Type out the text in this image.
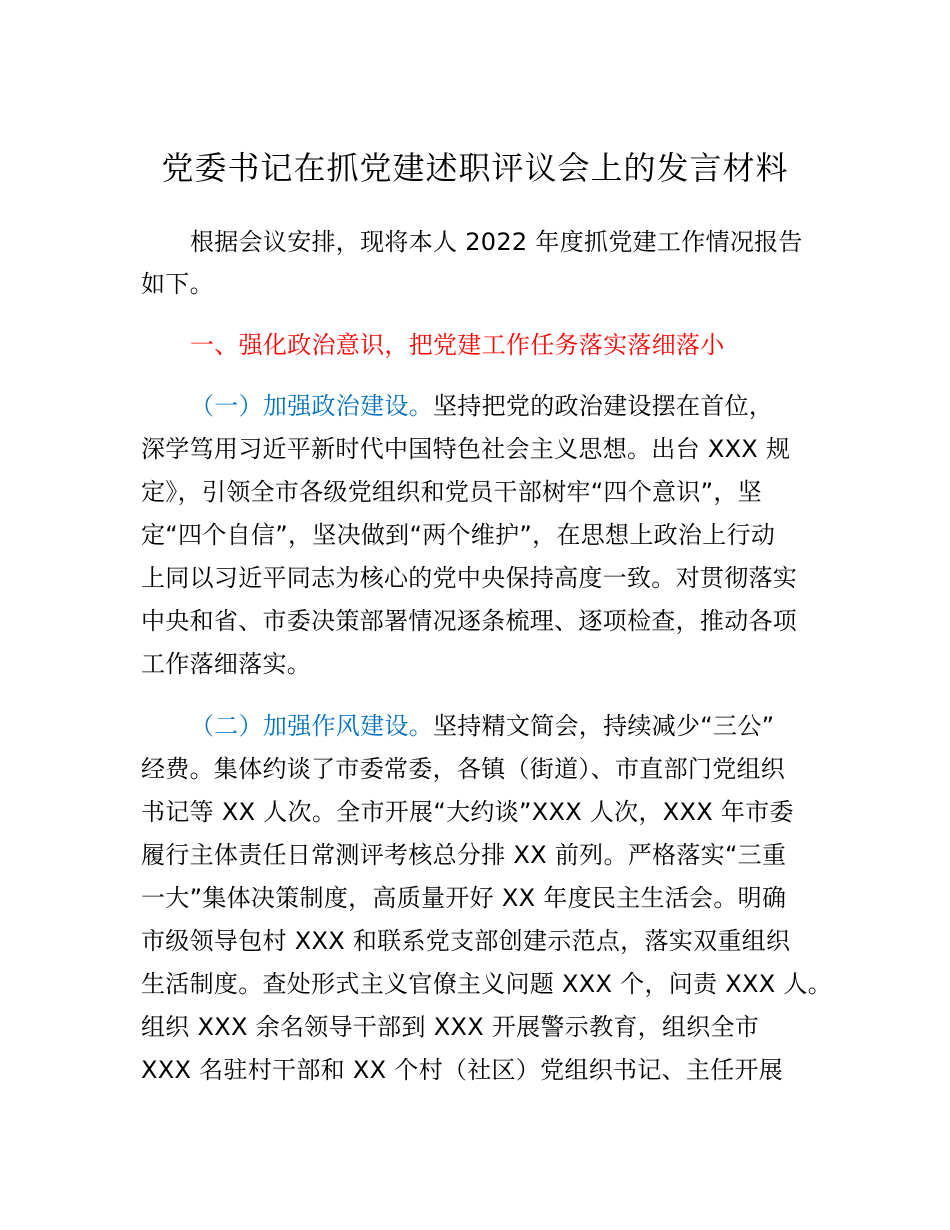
党委书记在抓党建述职评议会上的发言材料
根据会议安排，现将本人 2022 年度抓党建工作情况报告
如下。
一、强化政治意识，把党建工作任务落实落细落小
（一）加强政治建设。坚持把党的政治建设摆在首位，
深学笃用习近平新时代中国特色社会主义思想。出台 XXX 规
定》，引领全市各级党组织和党员干部树牢“四个意识”，坚
定“四个自信”，坚决做到“两个维护”，在思想上政治上行动
上同以习近平同志为核心的党中央保持高度一致。对贯彻落实
中央和省、市委决策部署情况逐条梳理、逐项检查，推动各项
工作落细落实。
（二）加强作风建设。坚持精文简会，持续减少“三公”
经费。集体约谈了市委常委，各镇（街道）、市直部门党组织
书记等 XX 人次。全市开展“大约谈”XXX 人次，XXX 年市委
履行主体责任日常测评考核总分排 XX 前列。严格落实“三重
一大”集体决策制度，高质量开好 XX 年度民主生活会。明确
市级领导包村 XXX 和联系党支部创建示范点，落实双重组织
生活制度。查处形式主义官僚主义问题 XXX 个，问责 XXX 人。
组织 XXX 余名领导干部到 XXX 开展警示教育，组织全市
XXX 名驻村干部和 XX 个村（社区）党组织书记、主任开展
